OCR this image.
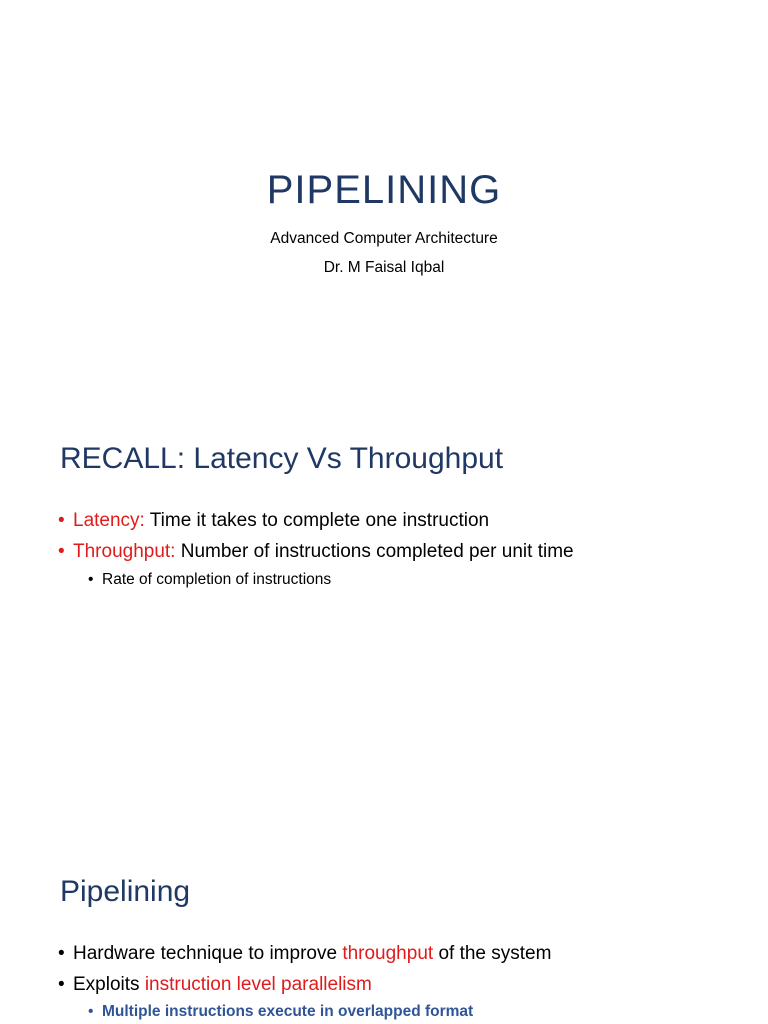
PIPELINING
Advanced Computer Architecture
Dr. M Faisal Iqbal
RECALL: Latency Vs Throughput
• Latency: Time it takes to complete one instruction
• Throughput: Number of instructions completed per unit time
• Rate of completion of instructions
Pipelining
• Hardware technique to improve throughput of the system
• Exploits instruction level parallelism
• Multiple instructions execute in overlapped format
